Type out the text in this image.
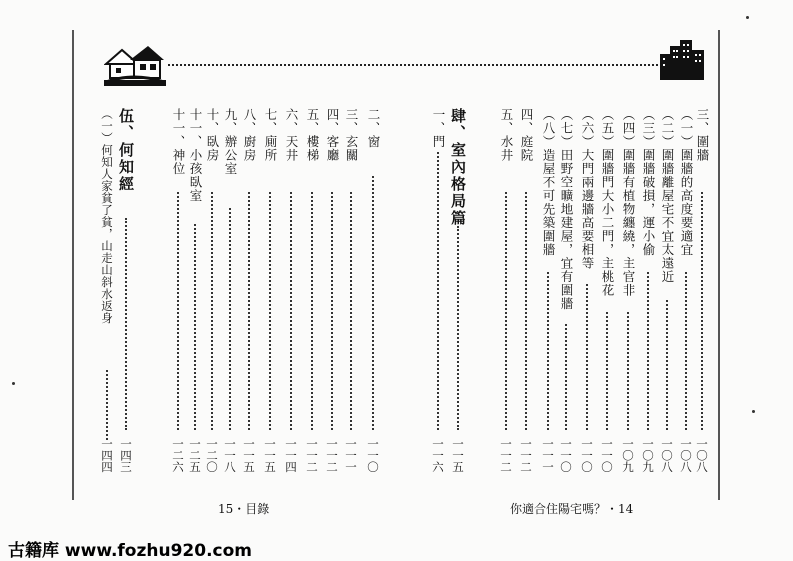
十一、神位
一二六
十一、小孩臥室
一二五
十、臥房
一二〇
九、辦公室
一一八
八、廚房
一一五
七、廁所
一一五
六、天井
一一四
五、樓梯
一一二
四、客廳
一一二
三、玄關
一一一
二、窗
一一〇
三、圍牆
一〇八
（一）圍牆的高度要適宜
一〇八
（二）圍牆離屋宅不宜太遠近
一〇八
（三）圍牆破損，運小偷
一〇九
（四）圍牆有植物纏繞，主官非
一〇九
（五）圍牆門大小二門，主桃花
一一〇
（六）大門兩邊牆高要相等
一一〇
（七）田野空曠地建屋，宜有圍牆
一一〇
（八）造屋不可先築圍牆
一一一
四、庭院
一一二
五、水井
一一二
伍、何知經
（一）何知人家貧了貧，山走山斜水返身
一四四 一四三
肆、室內格局篇
一一五
一、門
一一六
15・目錄	你適合住陽宅嗎？・14
古籍库 www.fozhu920.com
